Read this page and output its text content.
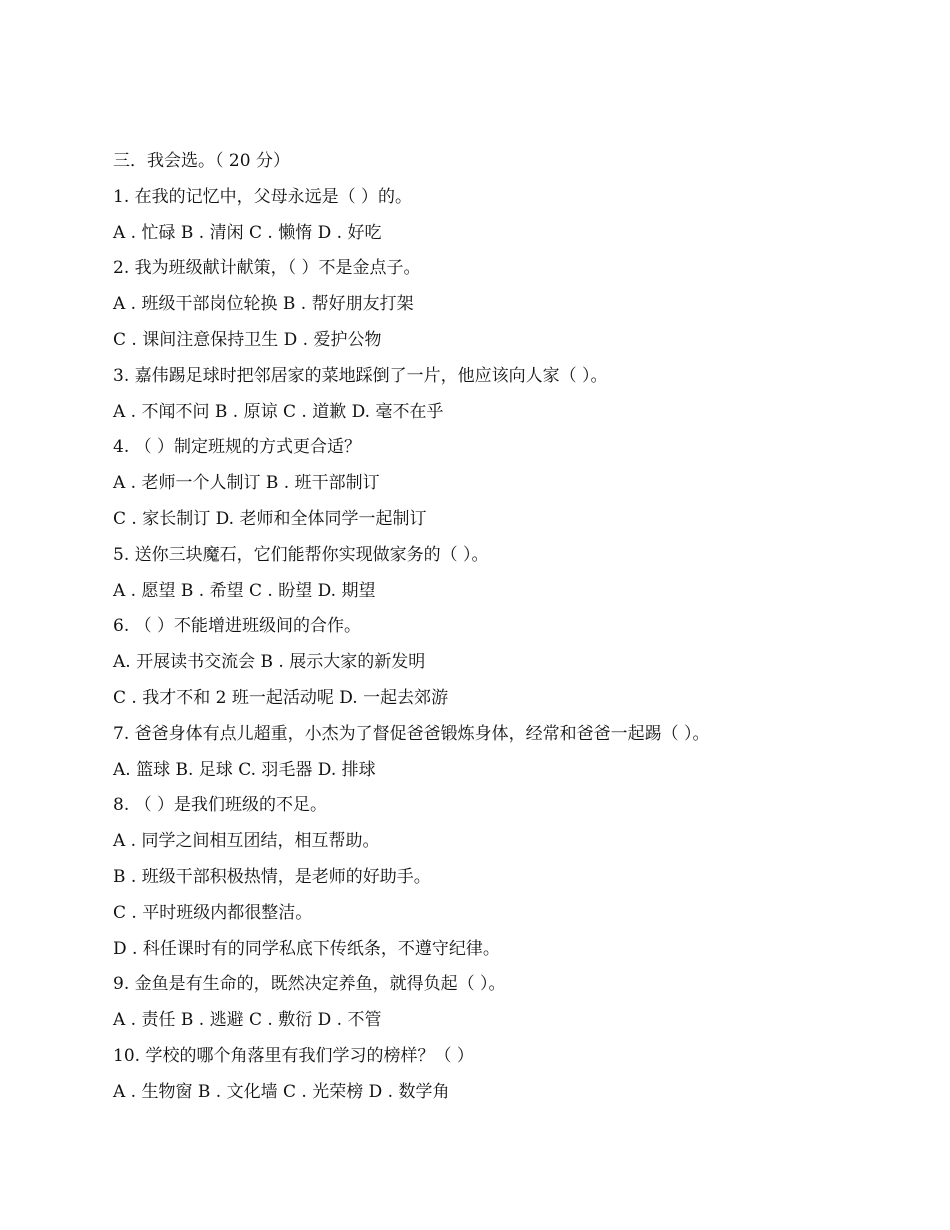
三．我会选。（ 20 分）
1. 在我的记忆中，父母永远是（ ）的。
A . 忙碌 B . 清闲 C . 懒惰 D . 好吃
2. 我为班级献计献策，（ ）不是金点子。
A . 班级干部岗位轮换 B . 帮好朋友打架
C . 课间注意保持卫生 D . 爱护公物
3. 嘉伟踢足球时把邻居家的菜地踩倒了一片，他应该向人家（ ）。
A . 不闻不问 B . 原谅 C . 道歉 D. 毫不在乎
4. （ ）制定班规的方式更合适？
A . 老师一个人制订 B . 班干部制订
C . 家长制订 D. 老师和全体同学一起制订
5. 送你三块魔石，它们能帮你实现做家务的（ ）。
A . 愿望 B . 希望 C . 盼望 D. 期望
6. （ ）不能增进班级间的合作。
A. 开展读书交流会 B . 展示大家的新发明
C . 我才不和 2 班一起活动呢 D. 一起去郊游
7. 爸爸身体有点儿超重，小杰为了督促爸爸锻炼身体，经常和爸爸一起踢（ ）。
A. 篮球 B. 足球 C. 羽毛器 D. 排球
8. （ ）是我们班级的不足。
A . 同学之间相互团结，相互帮助。
B . 班级干部积极热情，是老师的好助手。
C . 平时班级内都很整洁。
D . 科任课时有的同学私底下传纸条，不遵守纪律。
9. 金鱼是有生命的，既然决定养鱼，就得负起（ ）。
A . 责任 B . 逃避 C . 敷衍 D . 不管
10. 学校的哪个角落里有我们学习的榜样？（ ）
A . 生物窗 B . 文化墙 C . 光荣榜 D . 数学角
